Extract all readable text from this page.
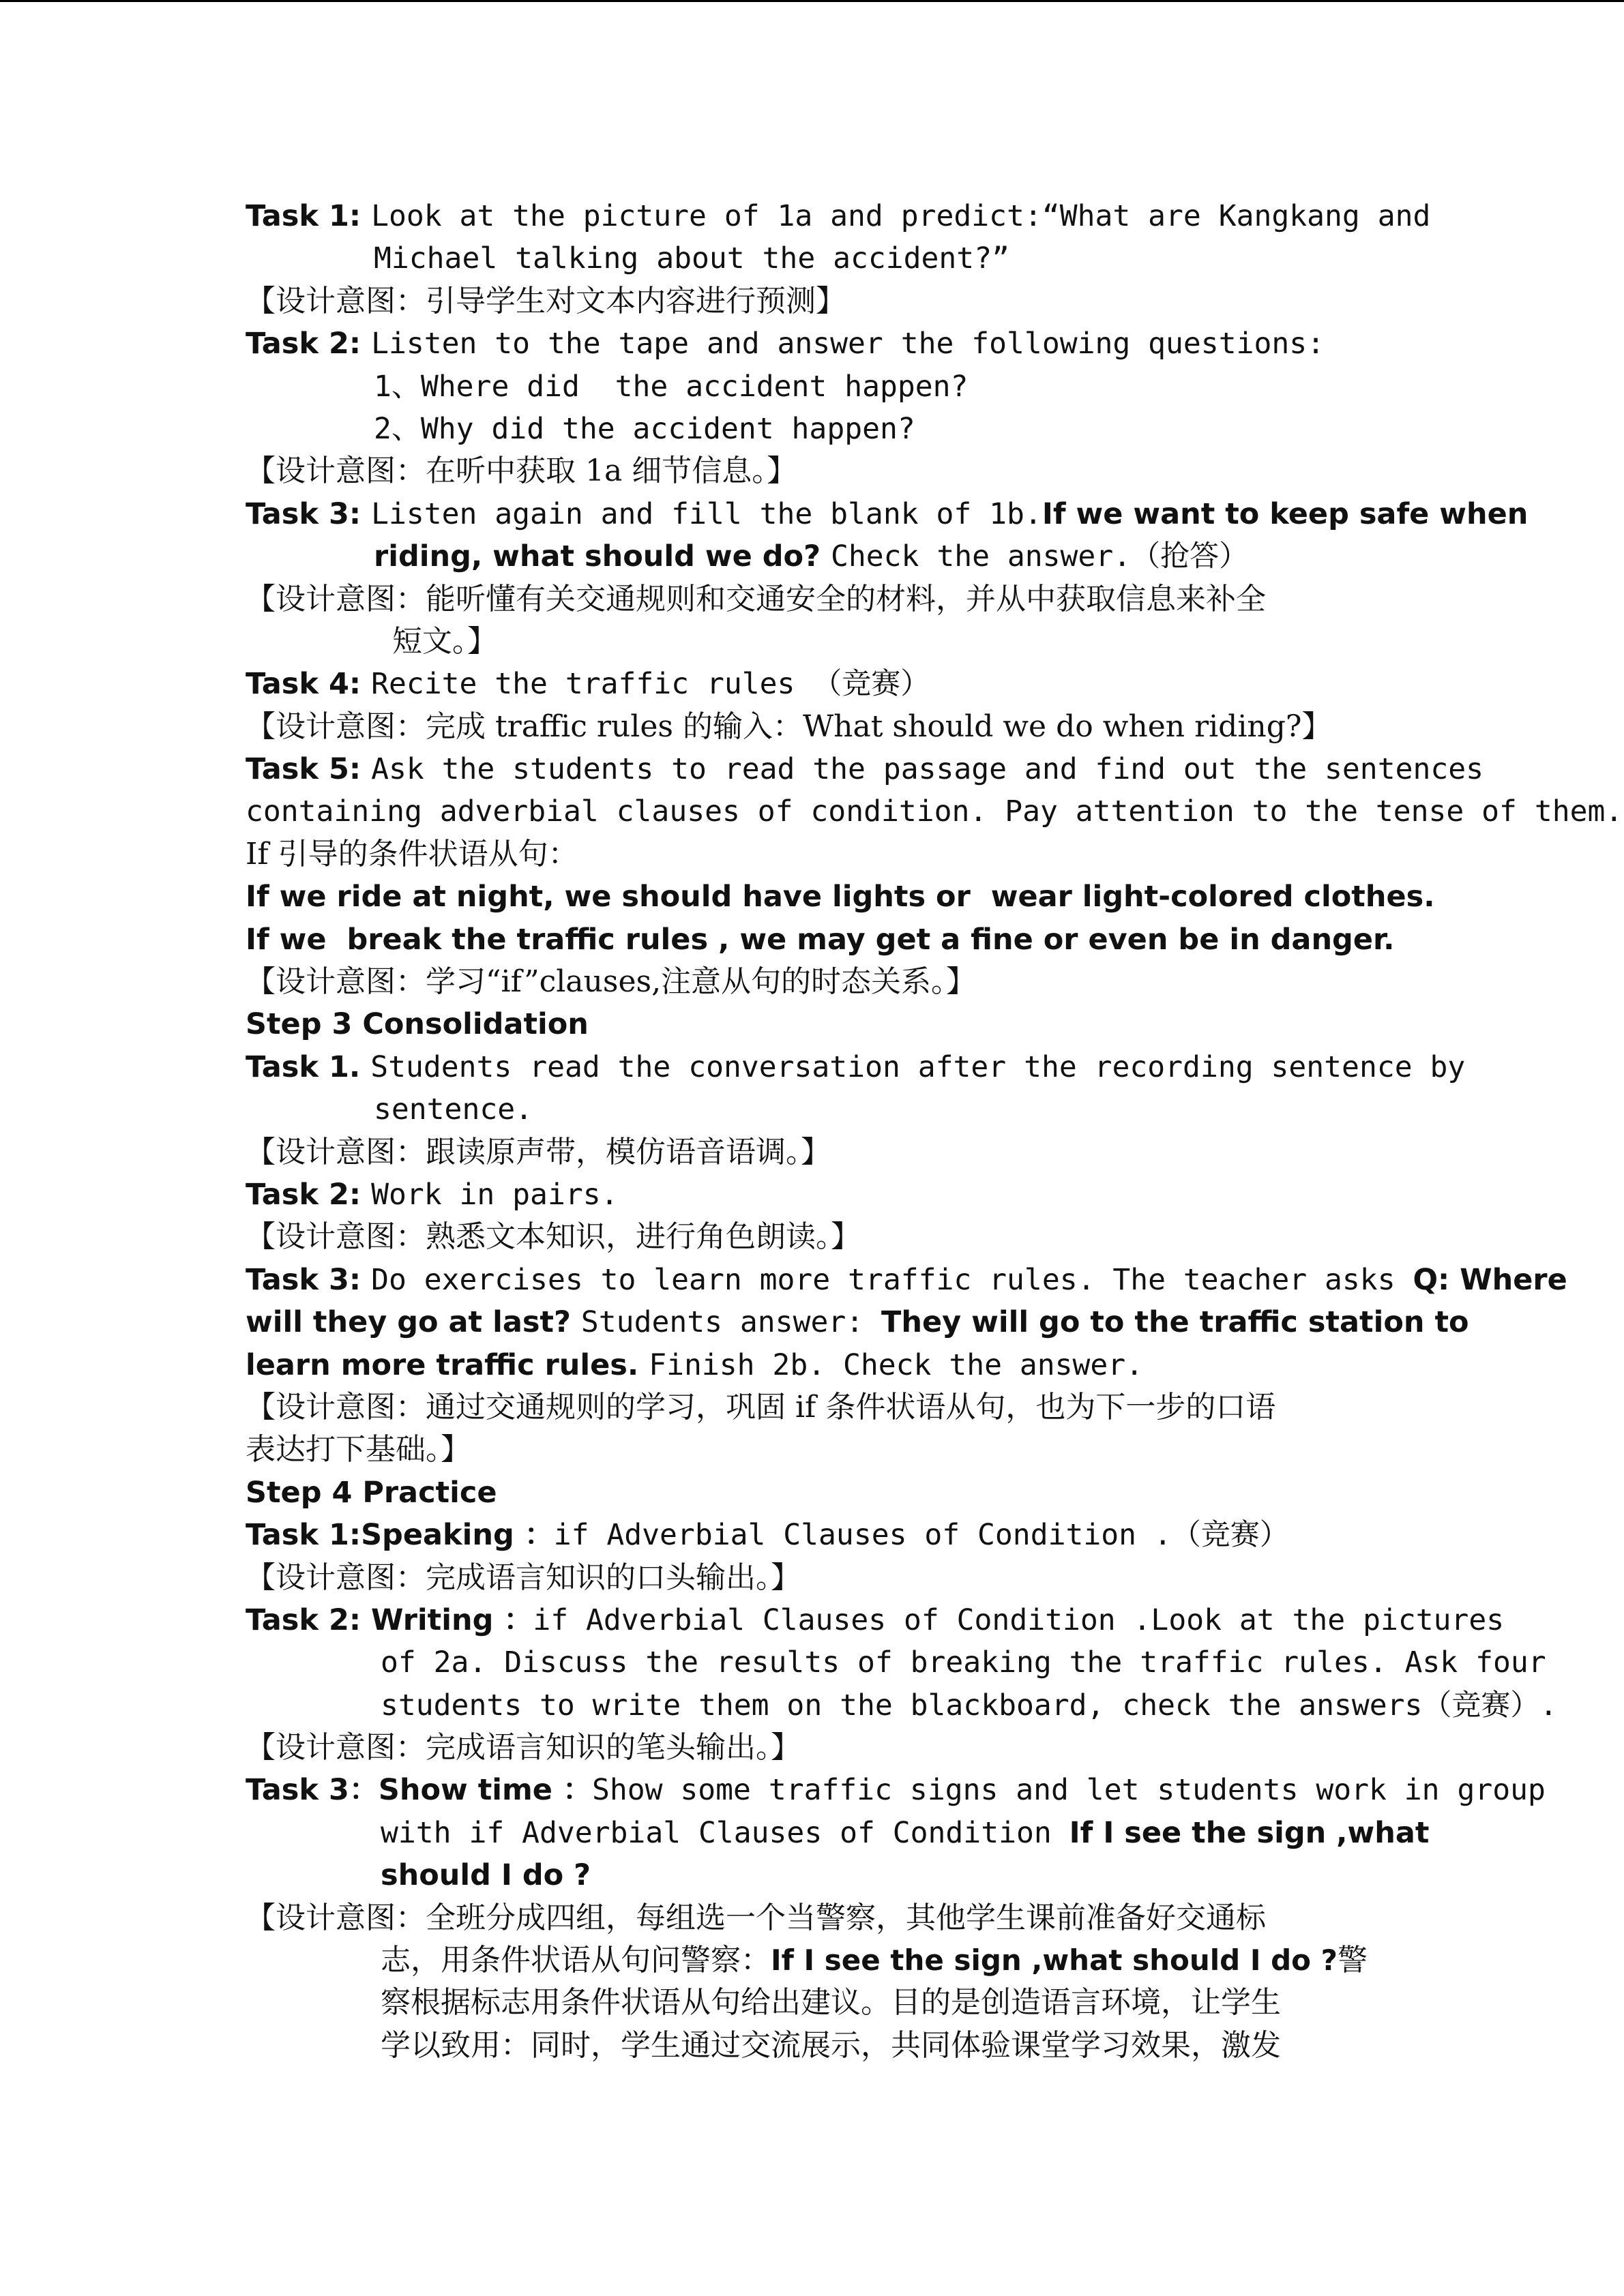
Task 1: Look at the picture of 1a and predict:“What are Kangkang and
Michael talking about the accident?”
【设计意图：引导学生对文本内容进行预测】
Task 2: Listen to the tape and answer the following questions:
1、Where did  the accident happen?
2、Why did the accident happen?
【设计意图：在听中获取 1a 细节信息。】
Task 3: Listen again and fill the blank of 1b.If we want to keep safe when
riding, what should we do? Check the answer.（抢答）
【设计意图：能听懂有关交通规则和交通安全的材料，并从中获取信息来补全
短文。】
Task 4: Recite the traffic rules （竞赛）
【设计意图：完成 traffic rules 的输入：What should we do when riding?】
Task 5: Ask the students to read the passage and find out the sentences
containing adverbial clauses of condition. Pay attention to the tense of them.
If 引导的条件状语从句：
If we ride at night, we should have lights or  wear light-colored clothes.
If we  break the traffic rules , we may get a fine or even be in danger.
【设计意图：学习“if”clauses,注意从句的时态关系。】
Step 3 Consolidation
Task 1. Students read the conversation after the recording sentence by
sentence.
【设计意图：跟读原声带，模仿语音语调。】
Task 2: Work in pairs.
【设计意图：熟悉文本知识，进行角色朗读。】
Task 3: Do exercises to learn more traffic rules. The teacher asks Q: Where
will they go at last? Students answer: They will go to the traffic station to
learn more traffic rules. Finish 2b. Check the answer.
【设计意图：通过交通规则的学习，巩固 if 条件状语从句，也为下一步的口语
表达打下基础。】
Step 4 Practice
Task 1:Speaking ：if Adverbial Clauses of Condition .（竞赛）
【设计意图：完成语言知识的口头输出。】
Task 2: Writing ：if Adverbial Clauses of Condition .Look at the pictures
of 2a. Discuss the results of breaking the traffic rules. Ask four
students to write them on the blackboard, check the answers（竞赛）.
【设计意图：完成语言知识的笔头输出。】
Task 3：Show time ：Show some traffic signs and let students work in group
with if Adverbial Clauses of Condition If I see the sign ,what
should I do ?
【设计意图：全班分成四组，每组选一个当警察，其他学生课前准备好交通标
志，用条件状语从句问警察：If I see the sign ,what should I do ?警
察根据标志用条件状语从句给出建议。目的是创造语言环境，让学生
学以致用：同时，学生通过交流展示，共同体验课堂学习效果，激发
